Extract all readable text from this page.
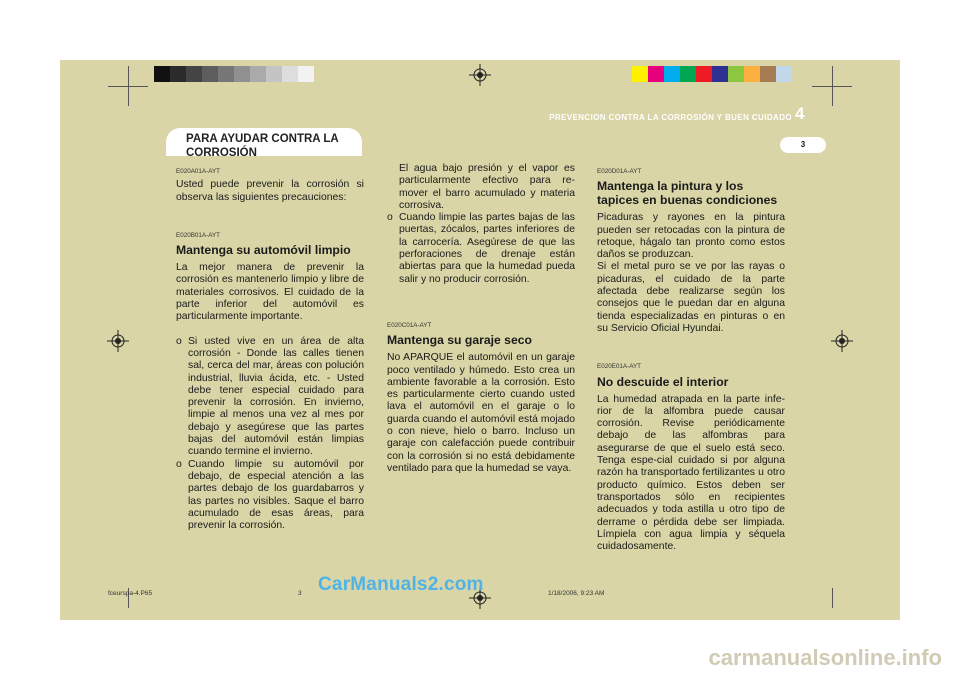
PREVENCION CONTRA LA CORROSIÓN Y BUEN CUIDADO 4
3
PARA AYUDAR CONTRA LA CORROSIÓN
E020A01A-AYT
Usted puede prevenir la corrosión si observa las siguientes precauciones:
E020B01A-AYT
Mantenga su automóvil limpio
La mejor manera de prevenir la corrosión es mantenerlo limpio y libre de materiales corrosivos. El cuidado de la parte inferior del automóvil es particularmente importante.
o Si usted vive en un área de alta corrosión - Donde las calles tienen sal, cerca del mar, áreas con polución industrial, lluvia ácida, etc. - Usted debe tener especial cuidado para prevenir la corrosión. En invierno, limpie al menos una vez al mes por debajo y asegúrese que las partes bajas del automóvil están limpias cuando termine el invierno.
o Cuando limpie su automóvil por debajo, de especial atención a las partes debajo de los guardabarros y las partes no visibles. Saque el barro acumulado de esas áreas, para prevenir la corrosión.
El agua bajo presión y el vapor es particularmente efectivo para re-mover el barro acumulado y materia corrosiva.
o Cuando limpie las partes bajas de las puertas, zócalos, partes inferiores de la carrocería. Asegúrese de que las perforaciones de drenaje están abiertas para que la humedad pueda salir y no producir corrosión.
E020C01A-AYT
Mantenga su garaje seco
No APARQUE el automóvil en un garaje poco ventilado y húmedo. Esto crea un ambiente favorable a la corrosión. Esto es particularmente cierto cuando usted lava el automóvil en el garaje o lo guarda cuando el automóvil está mojado o con nieve, hielo o barro. Incluso un garaje con calefacción puede contribuir con la corrosión si no está debidamente ventilado para que la humedad se vaya.
E020D01A-AYT
Mantenga la pintura y los tapices en buenas condiciones
Picaduras y rayones en la pintura pueden ser retocadas con la pintura de retoque, hágalo tan pronto como estos daños se produzcan.
Si el metal puro se ve por las rayas o picaduras, el cuidado de la parte afectada debe realizarse según los consejos que le puedan dar en alguna tienda especializadas en pinturas o en su Servicio Oficial Hyundai.
E020E01A-AYT
No descuide el interior
La humedad atrapada en la parte infe-rior de la alfombra puede causar corrosión. Revise periódicamente debajo de las alfombras para asegurarse de que el suelo está seco. Tenga espe-cial cuidado si por alguna razón ha transportado fertilizantes u otro producto químico. Estos deben ser transportados sólo en recipientes adecuados y toda astilla u otro tipo de derrame o pérdida debe ser limpiada. Límpiela con agua limpia y séquela cuidadosamente.
fceurspa-4.P65	3	1/18/2006, 9:23 AM
CarManuals2.com
carmanualsonline.info
